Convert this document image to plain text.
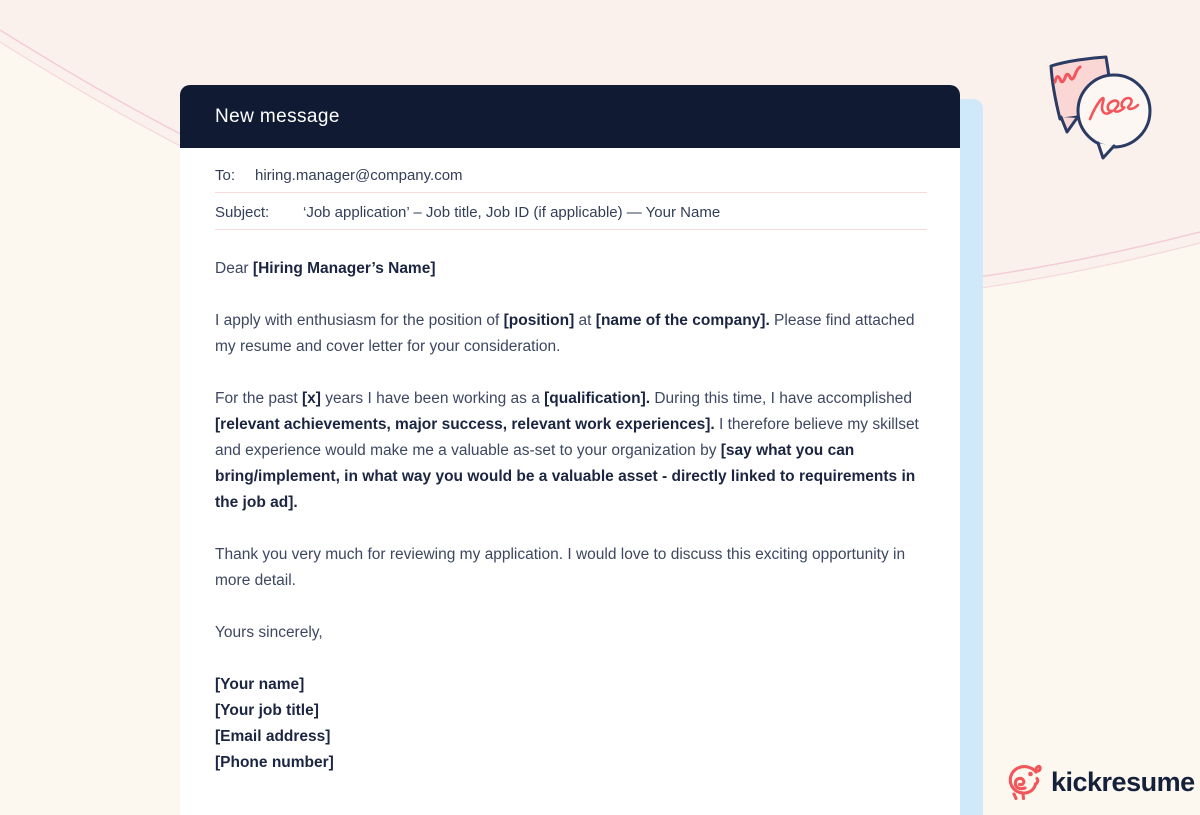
New message
To:	hiring.manager@company.com
Subject:	‘Job application’ – Job title, Job ID (if applicable) — Your Name

Dear [Hiring Manager’s Name]

I apply with enthusiasm for the position of [position] at [name of the company]. Please find attached my resume and cover letter for your consideration.

For the past [x] years I have been working as a [qualification]. During this time, I have accomplished [relevant achievements, major success, relevant work experiences]. I therefore believe my skillset and experience would make me a valuable as-set to your organization by [say what you can bring/implement, in what way you would be a valuable asset - directly linked to requirements in the job ad].

Thank you very much for reviewing my application. I would love to discuss this exciting opportunity in more detail.

Yours sincerely,

[Your name]

[Your job title]

[Email address]

[Phone number]

kickresume
